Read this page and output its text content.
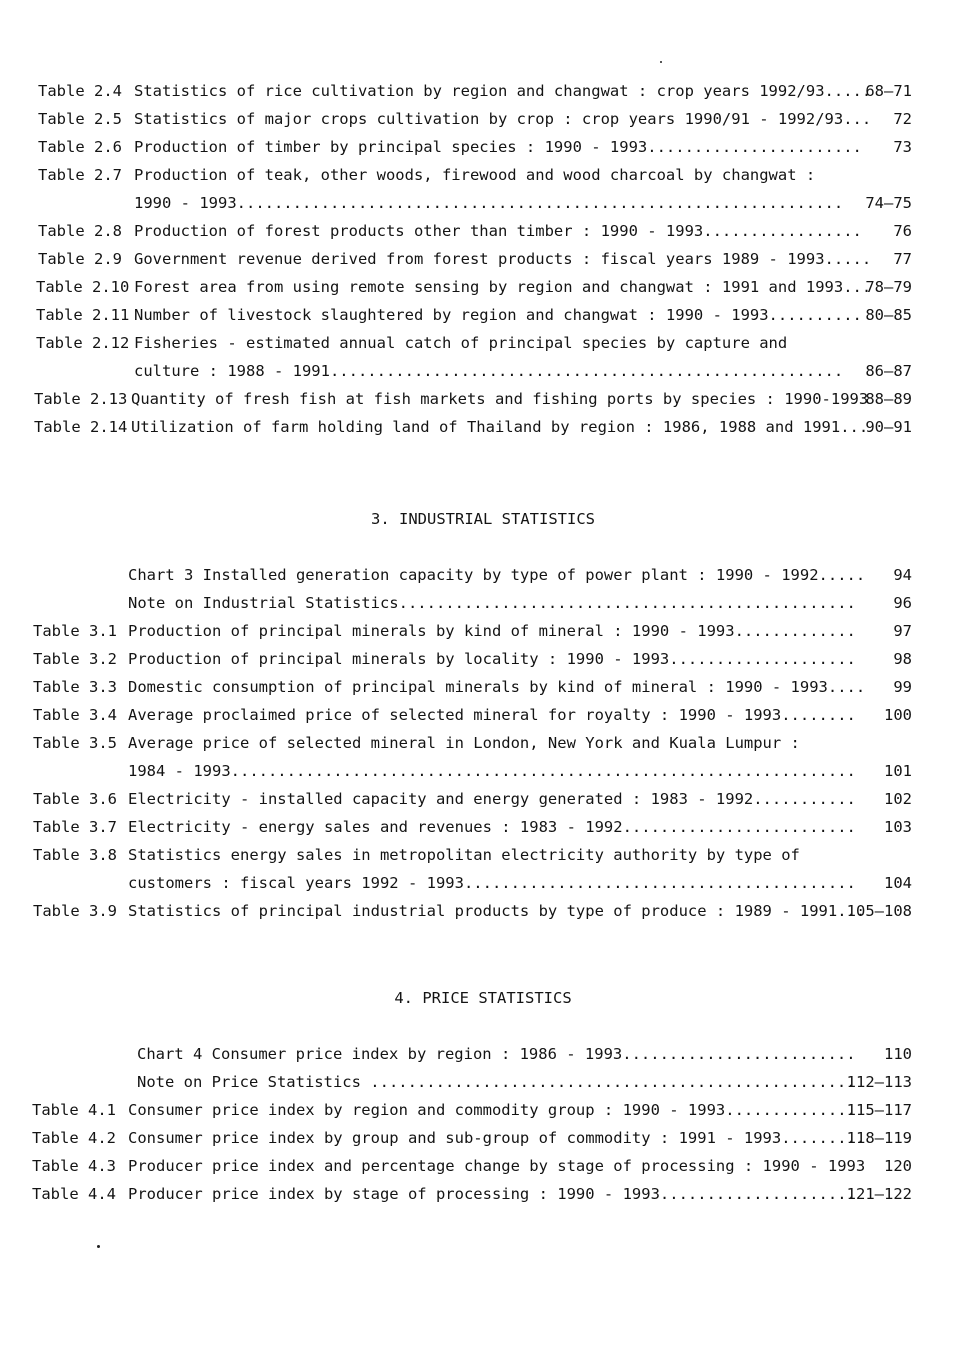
Table 2.4 Statistics of rice cultivation by region and changwat : crop years 1992/93.....
68–71
Table 2.5 Statistics of major crops cultivation by crop : crop years 1990/91 - 1992/93... 72
Table 2.6 Production of timber by principal species : 1990 - 1993....................... 73
Table 2.7 Production of teak, other woods, firewood and wood charcoal by changwat :
1990 - 1993................................................................. 74–75
Table 2.8 Production of forest products other than timber : 1990 - 1993................. 76
Table 2.9 Government revenue derived from forest products : fiscal years 1989 - 1993..... 77
Table 2.10 Forest area from using remote sensing by region and changwat : 1991 and 1993...
78–79
Table 2.11 Number of livestock slaughtered by region and changwat : 1990 - 1993.......... 80–85
Table 2.12 Fisheries - estimated annual catch of principal species by capture and
culture : 1988 - 1991....................................................... 86–87
Table 2.13 Quantity of fresh fish at fish markets and fishing ports by species : 1990-1993
88–89
Table 2.14 Utilization of farm holding land of Thailand by region : 1986, 1988 and 1991...
90–91
3. INDUSTRIAL STATISTICS
Chart 3 Installed generation capacity by type of power plant : 1990 - 1992..... 94
Note on Industrial Statistics................................................. 96
Table 3.1 Production of principal minerals by kind of mineral : 1990 - 1993............. 97
Table 3.2 Production of principal minerals by locality : 1990 - 1993.................... 98
Table 3.3 Domestic consumption of principal minerals by kind of mineral : 1990 - 1993.... 99
Table 3.4 Average proclaimed price of selected mineral for royalty : 1990 - 1993........ 100
Table 3.5 Average price of selected mineral in London, New York and Kuala Lumpur :
1984 - 1993................................................................... 101
Table 3.6 Electricity - installed capacity and energy generated : 1983 - 1992........... 102
Table 3.7 Electricity - energy sales and revenues : 1983 - 1992......................... 103
Table 3.8 Statistics energy sales in metropolitan electricity authority by type of
customers : fiscal years 1992 - 1993.......................................... 104
Table 3.9 Statistics of principal industrial products by type of produce : 1989 - 1991...
105–108
4. PRICE STATISTICS
Chart 4 Consumer price index by region : 1986 - 1993......................... 110
Note on Price Statistics ....................................................
112–113
Table 4.1 Consumer price index by region and commodity group : 1990 - 1993..............
115–117
Table 4.2 Consumer price index by group and sub-group of commodity : 1991 - 1993.........
118–119
Table 4.3 Producer price index and percentage change by stage of processing : 1990 - 1993 120
Table 4.4 Producer price index by stage of processing : 1990 - 1993.....................
121–122
